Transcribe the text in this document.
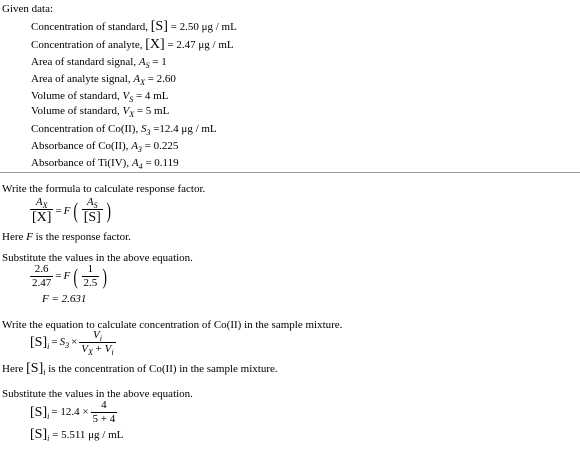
Given data:
Concentration of standard, [S] = 2.50 μg / mL
Concentration of analyte, [X] = 2.47 μg / mL
Area of standard signal, $A_S = 1$
Area of analyte signal, $A_X = 2.60$
Volume of standard, $V_S = 4$ mL
Volume of standard, $V_X = 5$ mL
Concentration of Co(II), $S_3 =12.4$ μg / mL
Absorbance of Co(II), $A_3 = 0.225$
Absorbance of Ti(IV), $A_4 = 0.119$
Write the formula to calculate response factor.
$\frac{A_X}{[X]} = F$ ( $\frac{A_S}{[S]}$ )
Here F is the response factor.
Substitute the values in the above equation.
$\frac{2.6}{2.47} = F$ ( $\frac{1}{2.5}$ )
F = 2.631
Write the equation to calculate concentration of Co(II) in the sample mixture.
$[S]_i = S_3 \times \frac{V_i}{V_X + V_i}$
Here $[S]_i$ is the concentration of Co(II) in the sample mixture.
Substitute the values in the above equation.
$[S]_i = 12.4 \times \frac{4}{5 + 4}$
$[S]_i = 5.511$ μg / mL
